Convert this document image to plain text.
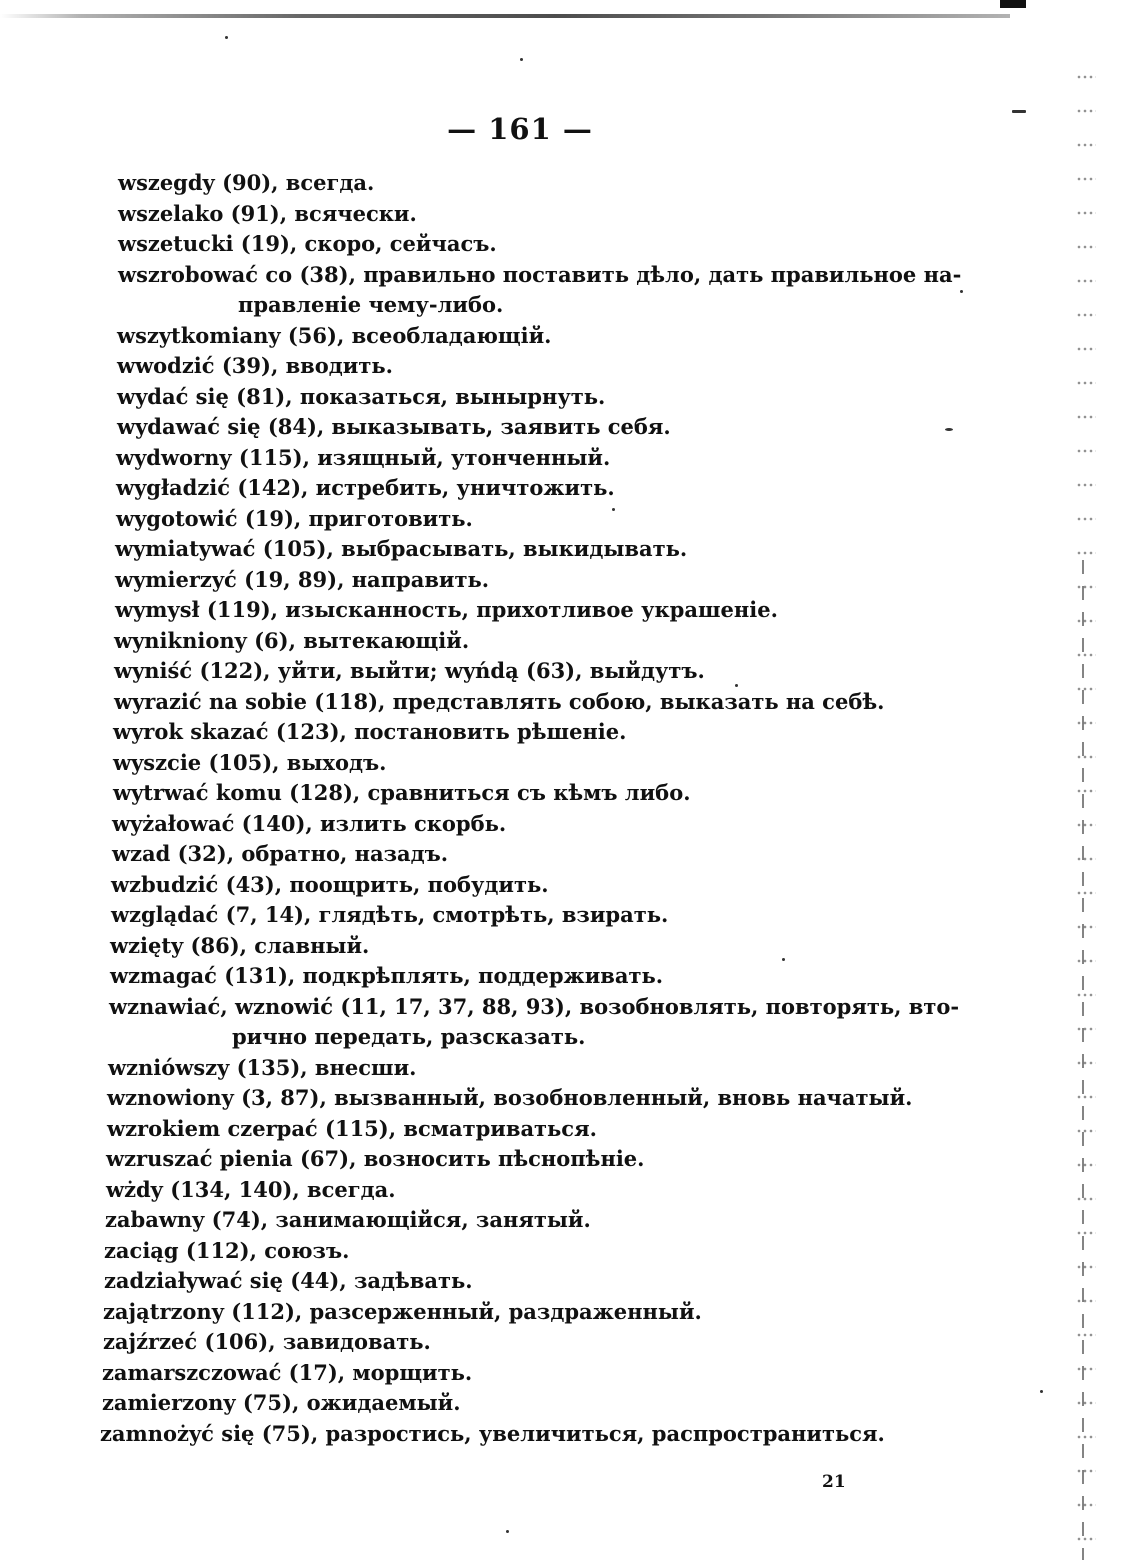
— 161 —
wszegdy (90), всегда.
wszelako (91), всячески.
wszetucki (19), скоро, сейчасъ.
wszrobować co (38), правильно поставить дѣло, дать правильное на-
правленіе чему-либо.
wszytkomiany (56), всеобладающій.
wwodzić (39), вводить.
wydać się (81), показаться, вынырнуть.
wydawać się (84), выказывать, заявить себя.
wydworny (115), изящный, утонченный.
wygładzić (142), истребить, уничтожить.
wygotowić (19), приготовить.
wymiatywać (105), выбрасывать, выкидывать.
wymierzyć (19, 89), направить.
wymysł (119), изысканность, прихотливое украшеніе.
wyniknіony (6), вытекающій.
wyniść (122), уйти, выйти; wyńdą (63), выйдутъ.
wyrazić na sobie (118), представлять собою, выказать на себѣ.
wyrok skazać (123), постановить рѣшеніе.
wyszcie (105), выходъ.
wytrwać komu (128), сравниться съ кѣмъ либо.
wyżałować (140), излить скорбь.
wzad (32), обратно, назадъ.
wzbudzić (43), поощрить, побудить.
wzglądać (7, 14), глядѣть, смотрѣть, взирать.
wzięty (86), славный.
wzmagać (131), подкрѣплять, поддерживать.
wznawiać, wznowić (11, 17, 37, 88, 93), возобновлять, повторять, вто-
рично передать, разсказать.
wzniówszy (135), внесши.
wznowiony (3, 87), вызванный, возобновленный, вновь начатый.
wzrokiem czerpać (115), всматриваться.
wzruszać pienia (67), возносить пѣснопѣніе.
wżdy (134, 140), всегда.
zabawny (74), занимающійся, занятый.
zaciąg (112), союзъ.
zadziaływać się (44), задѣвать.
zajątrzony (112), разсерженный, раздраженный.
zajźrzeć (106), завидовать.
zamarszczować (17), морщить.
zamierzony (75), ожидаемый.
zamnożyć się (75), разростись, увеличиться, распространиться.
21
